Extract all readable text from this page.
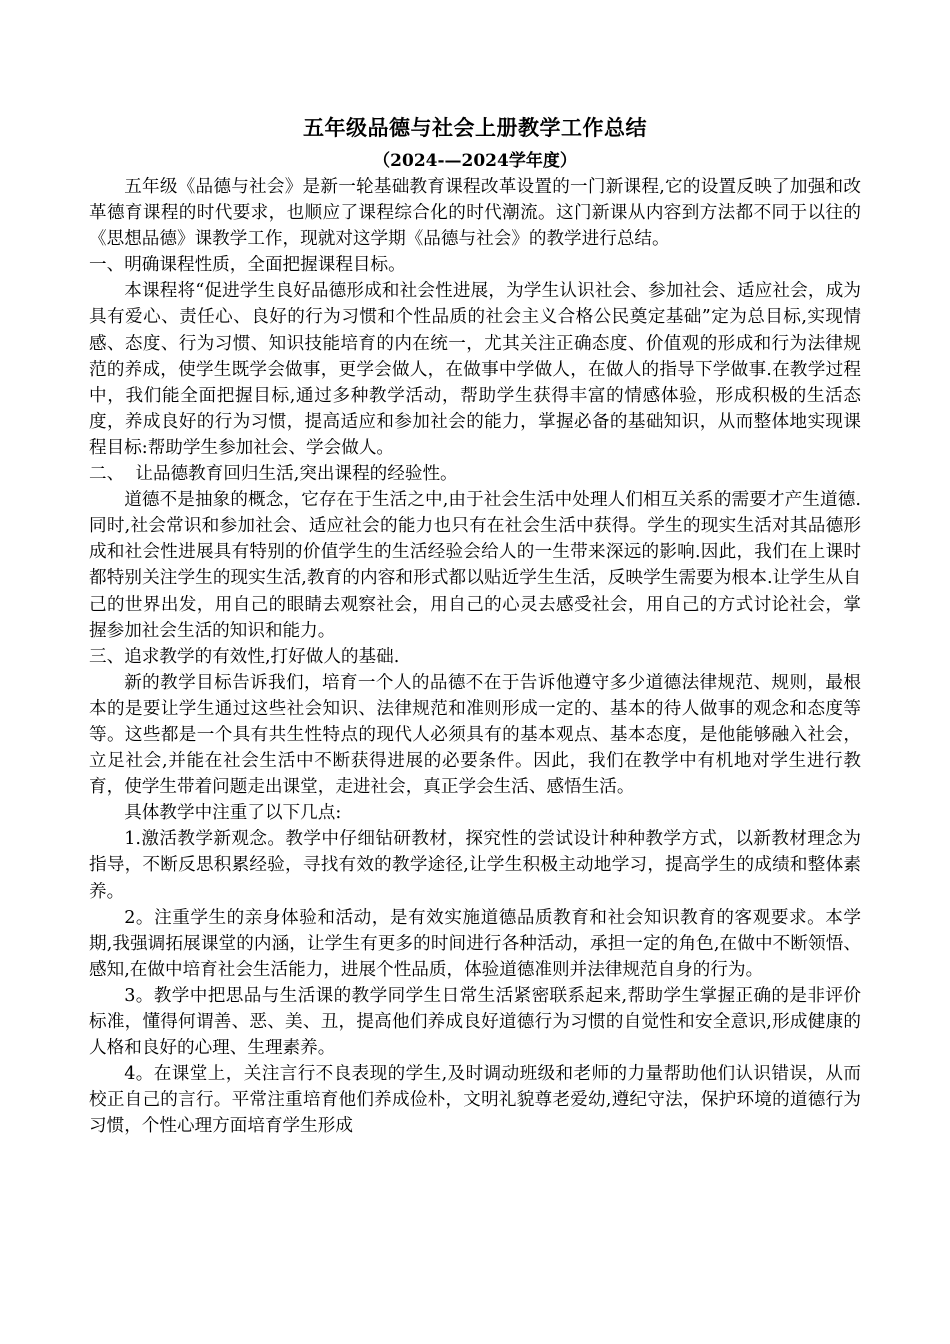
五年级品德与社会上册教学工作总结
（2024-—2024学年度）

五年级《品德与社会》是新一轮基础教育课程改革设置的一门新课程,它的设置反映了加强和改革德育课程的时代要求，也顺应了课程综合化的时代潮流。这门新课从内容到方法都不同于以往的《思想品德》课教学工作，现就对这学期《品德与社会》的教学进行总结。

一、明确课程性质，全面把握课程目标。

本课程将“促进学生良好品德形成和社会性进展，为学生认识社会、参加社会、适应社会，成为具有爱心、责任心、良好的行为习惯和个性品质的社会主义合格公民奠定基础”定为总目标,实现情感、态度、行为习惯、知识技能培育的内在统一，尤其关注正确态度、价值观的形成和行为法律规范的养成，使学生既学会做事，更学会做人，在做事中学做人，在做人的指导下学做事.在教学过程中，我们能全面把握目标,通过多种教学活动，帮助学生获得丰富的情感体验，形成积极的生活态度，养成良好的行为习惯，提高适应和参加社会的能力，掌握必备的基础知识，从而整体地实现课程目标:帮助学生参加社会、学会做人。

二、  让品德教育回归生活,突出课程的经验性。

道德不是抽象的概念，它存在于生活之中,由于社会生活中处理人们相互关系的需要才产生道德.同时,社会常识和参加社会、适应社会的能力也只有在社会生活中获得。学生的现实生活对其品德形成和社会性进展具有特别的价值学生的生活经验会给人的一生带来深远的影响.因此，我们在上课时都特别关注学生的现实生活,教育的内容和形式都以贴近学生生活，反映学生需要为根本.让学生从自己的世界出发，用自己的眼睛去观察社会，用自己的心灵去感受社会，用自己的方式讨论社会，掌握参加社会生活的知识和能力。

三、追求教学的有效性,打好做人的基础.

新的教学目标告诉我们，培育一个人的品德不在于告诉他遵守多少道德法律规范、规则，最根本的是要让学生通过这些社会知识、法律规范和准则形成一定的、基本的待人做事的观念和态度等等。这些都是一个具有共生性特点的现代人必须具有的基本观点、基本态度，是他能够融入社会，立足社会,并能在社会生活中不断获得进展的必要条件。因此，我们在教学中有机地对学生进行教育，使学生带着问题走出课堂，走进社会，真正学会生活、感悟生活。

具体教学中注重了以下几点:

1.激活教学新观念。教学中仔细钻研教材，探究性的尝试设计种种教学方式，以新教材理念为指导，不断反思积累经验，寻找有效的教学途径,让学生积极主动地学习，提高学生的成绩和整体素养。

2。注重学生的亲身体验和活动，是有效实施道德品质教育和社会知识教育的客观要求。本学期,我强调拓展课堂的内涵，让学生有更多的时间进行各种活动，承担一定的角色,在做中不断领悟、感知,在做中培育社会生活能力，进展个性品质，体验道德准则并法律规范自身的行为。

3。教学中把思品与生活课的教学同学生日常生活紧密联系起来,帮助学生掌握正确的是非评价标准，懂得何谓善、恶、美、丑，提高他们养成良好道德行为习惯的自觉性和安全意识,形成健康的人格和良好的心理、生理素养。

4。在课堂上，关注言行不良表现的学生,及时调动班级和老师的力量帮助他们认识错误，从而校正自己的言行。平常注重培育他们养成俭朴，文明礼貌尊老爱幼,遵纪守法，保护环境的道德行为习惯，个性心理方面培育学生形成
